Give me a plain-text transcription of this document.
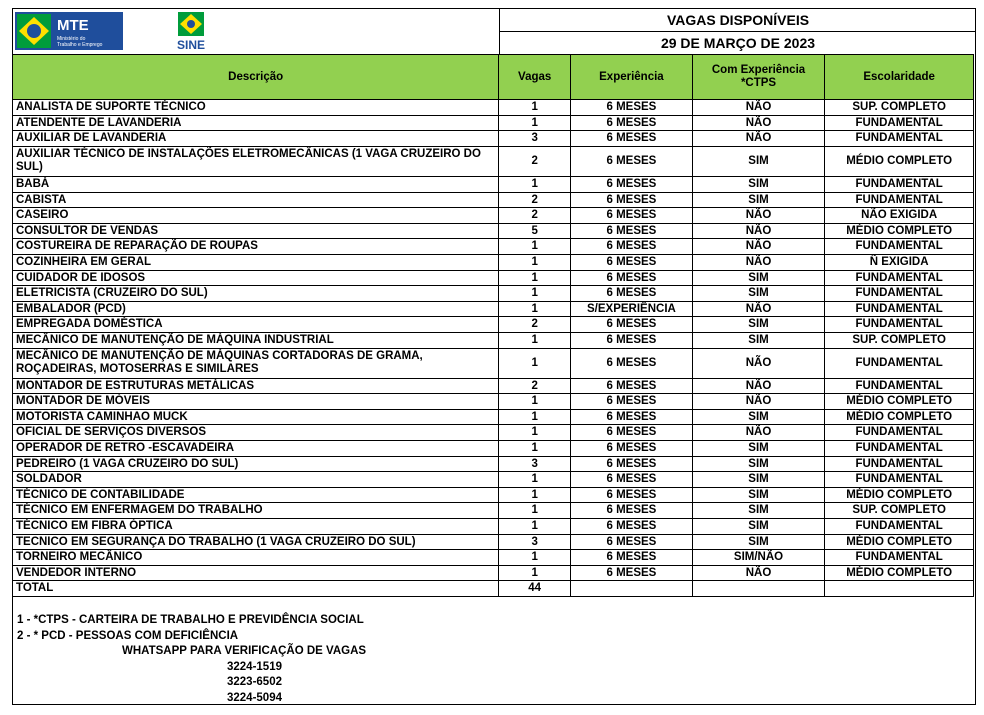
MTE
Ministério do
Trabalho e Emprego	SINE
VAGAS DISPONÍVEIS
29 DE MARÇO DE 2023
Descrição	Vagas	Experiência	Com Experiência *CTPS	Escolaridade
ANALISTA DE SUPORTE TÉCNICO	1	6 MESES	NÃO	SUP. COMPLETO
ATENDENTE DE LAVANDERIA	1	6 MESES	NÃO	FUNDAMENTAL
AUXILIAR DE LAVANDERIA	3	6 MESES	NÃO	FUNDAMENTAL
AUXILIAR TÉCNICO DE INSTALAÇÕES ELETROMECÂNICAS (1 VAGA CRUZEIRO DO SUL)	2	6 MESES	SIM	MÉDIO COMPLETO
BABÁ	1	6 MESES	SIM	FUNDAMENTAL
CABISTA	2	6 MESES	SIM	FUNDAMENTAL
CASEIRO	2	6 MESES	NÃO	NÃO EXIGIDA
CONSULTOR DE VENDAS	5	6 MESES	NÃO	MÉDIO COMPLETO
COSTUREIRA DE REPARAÇÃO DE ROUPAS	1	6 MESES	NÃO	FUNDAMENTAL
COZINHEIRA EM GERAL	1	6 MESES	NÃO	Ñ EXIGIDA
CUIDADOR DE IDOSOS	1	6 MESES	SIM	FUNDAMENTAL
ELETRICISTA (CRUZEIRO DO SUL)	1	6 MESES	SIM	FUNDAMENTAL
EMBALADOR (PCD)	1	S/EXPERIÊNCIA	NÃO	FUNDAMENTAL
EMPREGADA DOMÉSTICA	2	6 MESES	SIM	FUNDAMENTAL
MECÂNICO DE MANUTENÇÃO DE MÁQUINA INDUSTRIAL	1	6 MESES	SIM	SUP. COMPLETO
MECÂNICO DE MANUTENÇÃO DE MÁQUINAS CORTADORAS DE GRAMA, ROÇADEIRAS, MOTOSERRAS E SIMILARES	1	6 MESES	NÃO	FUNDAMENTAL
MONTADOR DE ESTRUTURAS METÁLICAS	2	6 MESES	NÃO	FUNDAMENTAL
MONTADOR DE MÓVEIS	1	6 MESES	NÃO	MÉDIO COMPLETO
MOTORISTA CAMINHAO MUCK	1	6 MESES	SIM	MÉDIO COMPLETO
OFICIAL DE SERVIÇOS DIVERSOS	1	6 MESES	NÃO	FUNDAMENTAL
OPERADOR DE RETRO -ESCAVADEIRA	1	6 MESES	SIM	FUNDAMENTAL
PEDREIRO (1 VAGA CRUZEIRO DO SUL)	3	6 MESES	SIM	FUNDAMENTAL
SOLDADOR	1	6 MESES	SIM	FUNDAMENTAL
TÉCNICO DE CONTABILIDADE	1	6 MESES	SIM	MÉDIO COMPLETO
TÉCNICO EM ENFERMAGEM DO TRABALHO	1	6 MESES	SIM	SUP. COMPLETO
TÉCNICO EM FIBRA ÓPTICA	1	6 MESES	SIM	FUNDAMENTAL
TECNICO EM SEGURANÇA DO TRABALHO (1 VAGA CRUZEIRO DO SUL)	3	6 MESES	SIM	MÉDIO COMPLETO
TORNEIRO MECÂNICO	1	6 MESES	SIM/NÃO	FUNDAMENTAL
VENDEDOR INTERNO	1	6 MESES	NÃO	MÉDIO COMPLETO
TOTAL	44			
1 - *CTPS - CARTEIRA DE TRABALHO E PREVIDÊNCIA SOCIAL
2 - * PCD - PESSOAS COM DEFICIÊNCIA
WHATSAPP PARA VERIFICAÇÃO DE VAGAS
3224-1519
3223-6502
3224-5094
